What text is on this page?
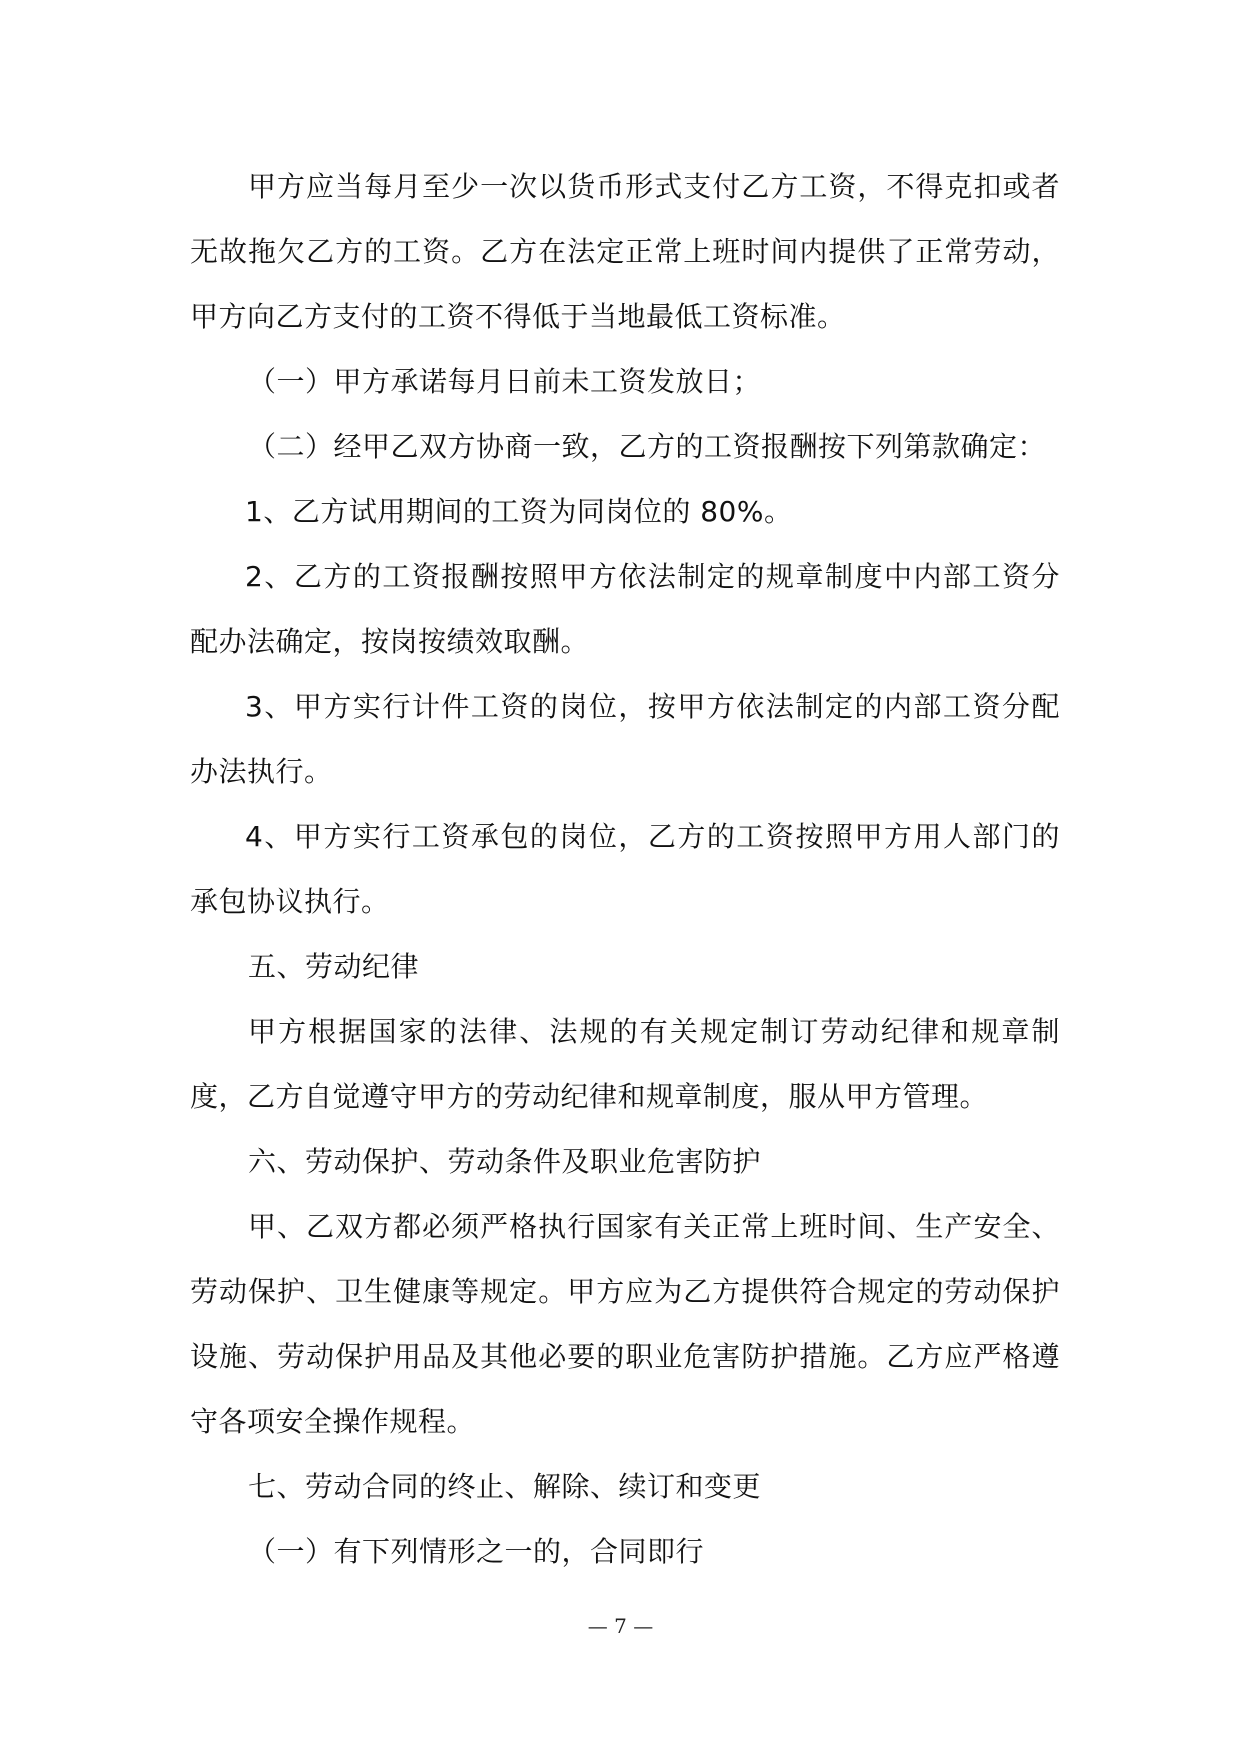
甲方应当每月至少一次以货币形式支付乙方工资，不得克扣或者无故拖欠乙方的工资。乙方在法定正常上班时间内提供了正常劳动，甲方向乙方支付的工资不得低于当地最低工资标准。

（一）甲方承诺每月日前未工资发放日；

（二）经甲乙双方协商一致，乙方的工资报酬按下列第款确定：

1、乙方试用期间的工资为同岗位的 80%。

2、乙方的工资报酬按照甲方依法制定的规章制度中内部工资分配办法确定，按岗按绩效取酬。

3、甲方实行计件工资的岗位，按甲方依法制定的内部工资分配办法执行。

4、甲方实行工资承包的岗位，乙方的工资按照甲方用人部门的承包协议执行。

五、劳动纪律

甲方根据国家的法律、法规的有关规定制订劳动纪律和规章制度，乙方自觉遵守甲方的劳动纪律和规章制度，服从甲方管理。

六、劳动保护、劳动条件及职业危害防护

甲、乙双方都必须严格执行国家有关正常上班时间、生产安全、劳动保护、卫生健康等规定。甲方应为乙方提供符合规定的劳动保护设施、劳动保护用品及其他必要的职业危害防护措施。乙方应严格遵守各项安全操作规程。

七、劳动合同的终止、解除、续订和变更

（一）有下列情形之一的，合同即行

— 7 —
